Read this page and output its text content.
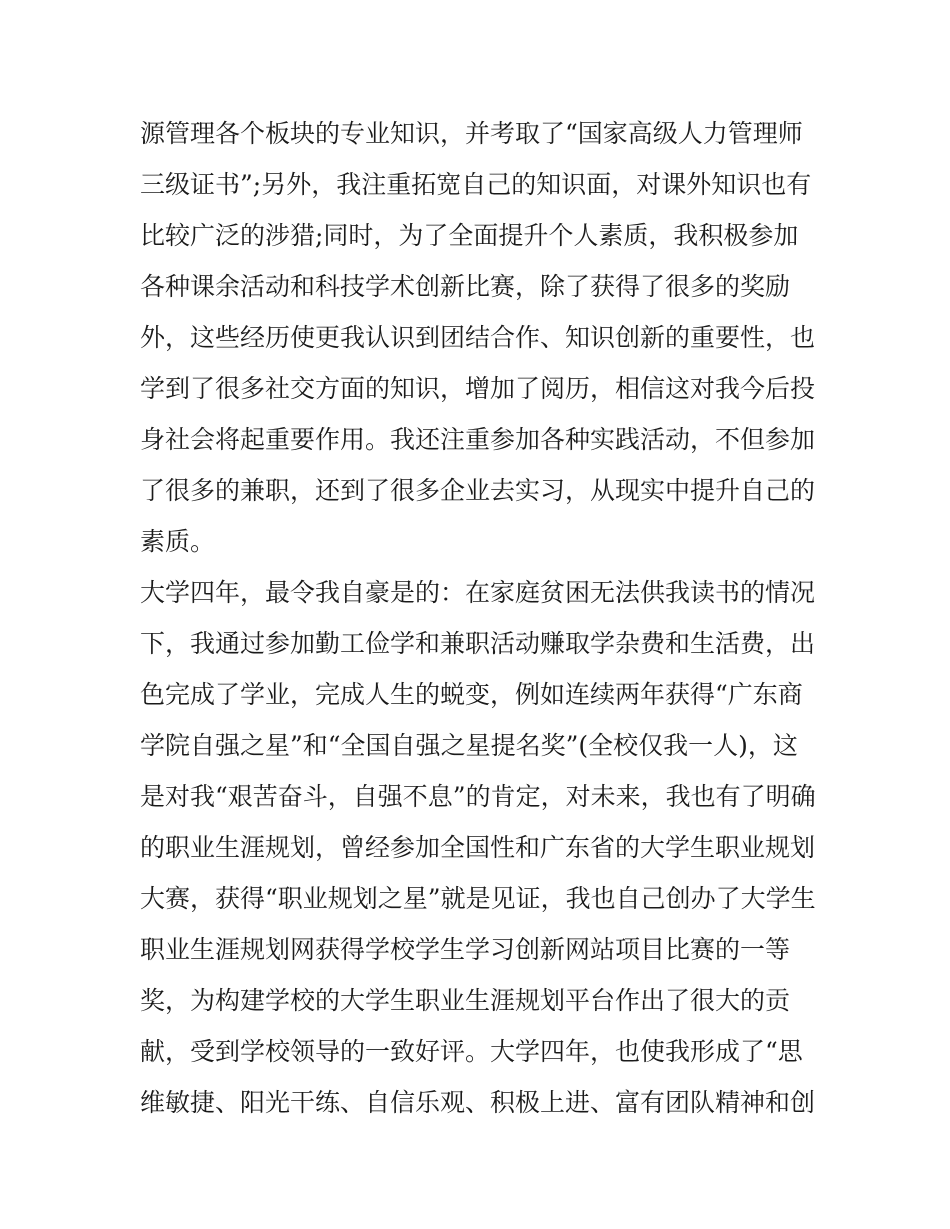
源管理各个板块的专业知识，并考取了“国家高级人力管理师
三级证书”;另外，我注重拓宽自己的知识面，对课外知识也有
比较广泛的涉猎;同时，为了全面提升个人素质，我积极参加
各种课余活动和科技学术创新比赛，除了获得了很多的奖励
外，这些经历使更我认识到团结合作、知识创新的重要性，也
学到了很多社交方面的知识，增加了阅历，相信这对我今后投
身社会将起重要作用。我还注重参加各种实践活动，不但参加
了很多的兼职，还到了很多企业去实习，从现实中提升自己的
素质。
大学四年，最令我自豪是的：在家庭贫困无法供我读书的情况
下，我通过参加勤工俭学和兼职活动赚取学杂费和生活费，出
色完成了学业，完成人生的蜕变，例如连续两年获得“广东商
学院自强之星”和“全国自强之星提名奖”(全校仅我一人)，这
是对我“艰苦奋斗，自强不息”的肯定，对未来，我也有了明确
的职业生涯规划，曾经参加全国性和广东省的大学生职业规划
大赛，获得“职业规划之星”就是见证，我也自己创办了大学生
职业生涯规划网获得学校学生学习创新网站项目比赛的一等
奖，为构建学校的大学生职业生涯规划平台作出了很大的贡
献，受到学校领导的一致好评。大学四年，也使我形成了“思
维敏捷、阳光干练、自信乐观、积极上进、富有团队精神和创
